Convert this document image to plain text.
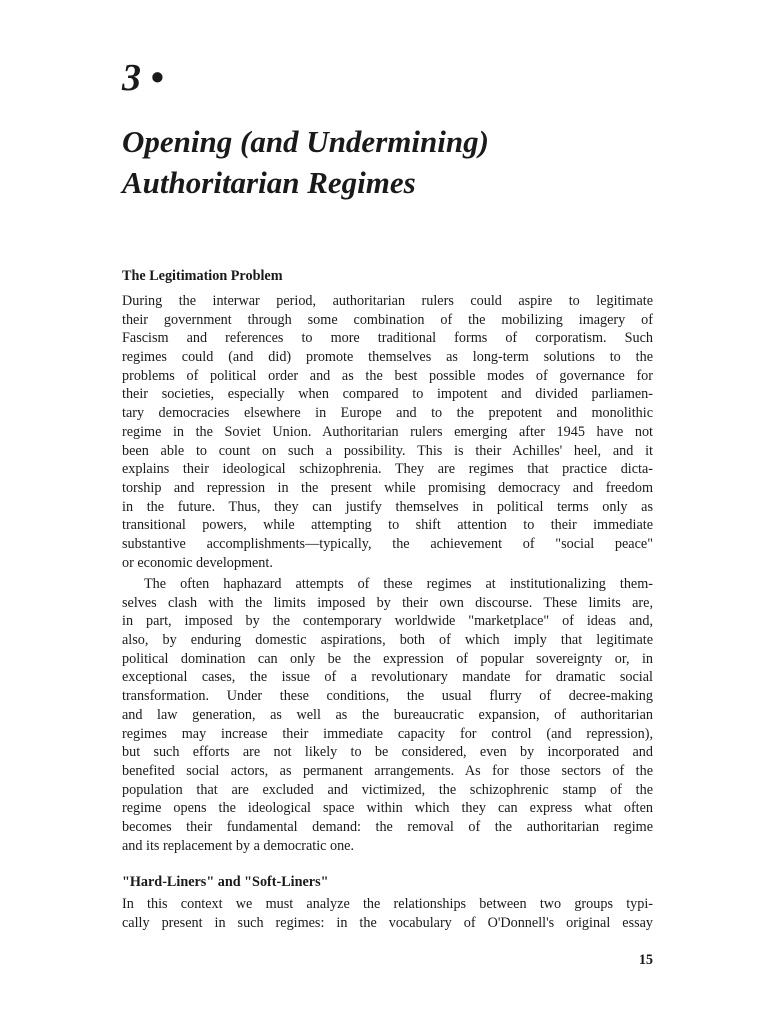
3 •
Opening (and Undermining)
Authoritarian Regimes
The Legitimation Problem
During the interwar period, authoritarian rulers could aspire to legitimate
their government through some combination of the mobilizing imagery of
Fascism and references to more traditional forms of corporatism. Such
regimes could (and did) promote themselves as long-term solutions to the
problems of political order and as the best possible modes of governance for
their societies, especially when compared to impotent and divided parliamen-
tary democracies elsewhere in Europe and to the prepotent and monolithic
regime in the Soviet Union. Authoritarian rulers emerging after 1945 have not
been able to count on such a possibility. This is their Achilles' heel, and it
explains their ideological schizophrenia. They are regimes that practice dicta-
torship and repression in the present while promising democracy and freedom
in the future. Thus, they can justify themselves in political terms only as
transitional powers, while attempting to shift attention to their immediate
substantive accomplishments—typically, the achievement of "social peace"
or economic development.
The often haphazard attempts of these regimes at institutionalizing them-
selves clash with the limits imposed by their own discourse. These limits are,
in part, imposed by the contemporary worldwide "marketplace" of ideas and,
also, by enduring domestic aspirations, both of which imply that legitimate
political domination can only be the expression of popular sovereignty or, in
exceptional cases, the issue of a revolutionary mandate for dramatic social
transformation. Under these conditions, the usual flurry of decree-making
and law generation, as well as the bureaucratic expansion, of authoritarian
regimes may increase their immediate capacity for control (and repression),
but such efforts are not likely to be considered, even by incorporated and
benefited social actors, as permanent arrangements. As for those sectors of the
population that are excluded and victimized, the schizophrenic stamp of the
regime opens the ideological space within which they can express what often
becomes their fundamental demand: the removal of the authoritarian regime
and its replacement by a democratic one.
"Hard-Liners" and "Soft-Liners"
In this context we must analyze the relationships between two groups typi-
cally present in such regimes: in the vocabulary of O'Donnell's original essay
15
